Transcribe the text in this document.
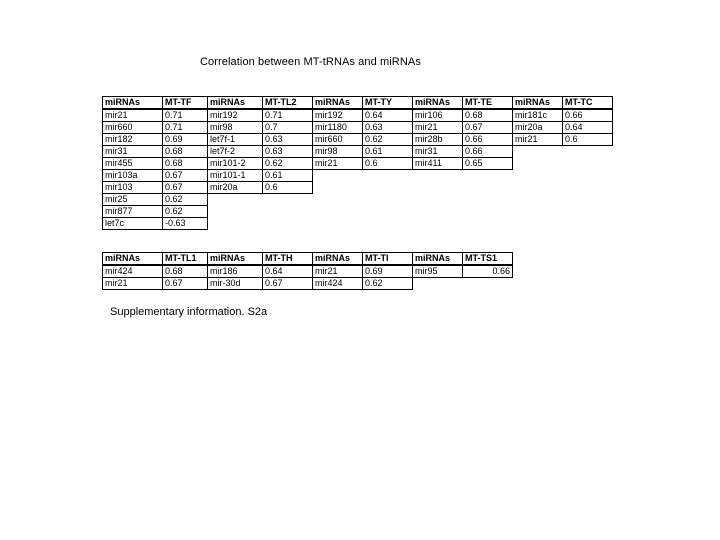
Correlation between MT-tRNAs and miRNAs
miRNAs	MT-TF	miRNAs	MT-TL2	miRNAs	MT-TY	miRNAs	MT-TE	miRNAs	MT-TC
mir21	0.71	mir192	0.71	mir192	0.64	mir106	0.68	mir181c	0.66
mir660	0.71	mir98	0.7	mir1180	0.63	mir21	0.67	mir20a	0.64
mir182	0.69	let7f-1	0.63	mir660	0.62	mir28b	0.66	mir21	0.6
mir31	0.68	let7f-2	0.63	mir98	0.61	mir31	0.66		
mir455	0.68	mir101-2	0.62	mir21	0.6	mir411	0.65		
mir103a	0.67	mir101-1	0.61						
mir103	0.67	mir20a	0.6						
mir25	0.62								
mir877	0.62								
let7c	-0.63								
miRNAs	MT-TL1	miRNAs	MT-TH	miRNAs	MT-TI	miRNAs	MT-TS1
mir424	0.68	mir186	0.64	mir21	0.69	mir95	0.66
mir21	0.67	mir-30d	0.67	mir424	0.62		
Supplementary information. S2a
